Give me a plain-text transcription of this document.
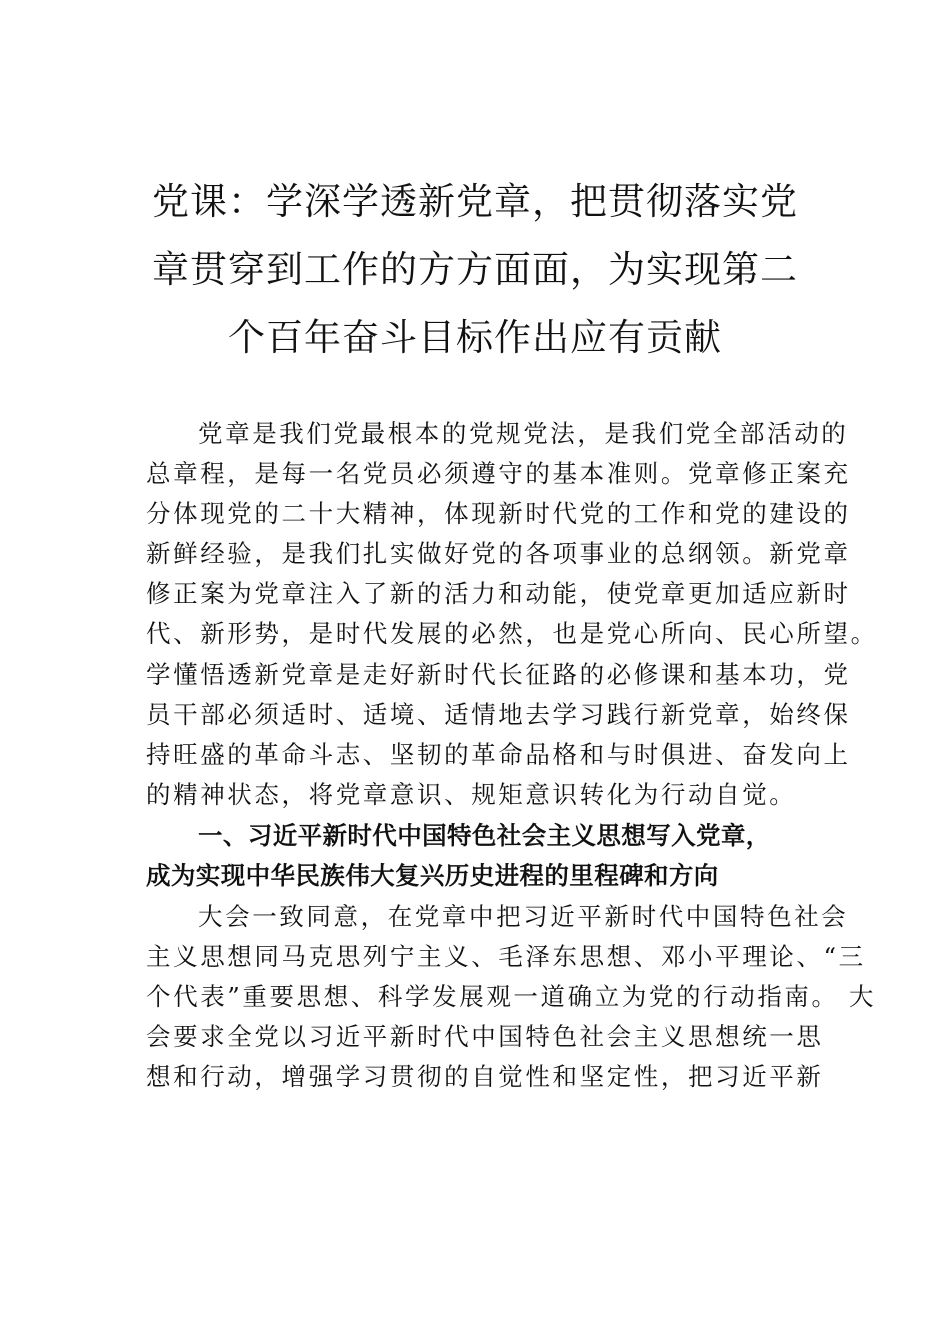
党课：学深学透新党章，把贯彻落实党
章贯穿到工作的方方面面，为实现第二
个百年奋斗目标作出应有贡献
党章是我们党最根本的党规党法，是我们党全部活动的
总章程，是每一名党员必须遵守的基本准则。党章修正案充
分体现党的二十大精神，体现新时代党的工作和党的建设的
新鲜经验，是我们扎实做好党的各项事业的总纲领。新党章
修正案为党章注入了新的活力和动能，使党章更加适应新时
代、新形势，是时代发展的必然，也是党心所向、民心所望。
学懂悟透新党章是走好新时代长征路的必修课和基本功，党
员干部必须适时、适境、适情地去学习践行新党章，始终保
持旺盛的革命斗志、坚韧的革命品格和与时俱进、奋发向上
的精神状态，将党章意识、规矩意识转化为行动自觉。
一、习近平新时代中国特色社会主义思想写入党章，
成为实现中华民族伟大复兴历史进程的里程碑和方向
大会一致同意，在党章中把习近平新时代中国特色社会
主义思想同马克思列宁主义、毛泽东思想、邓小平理论、“三
个代表”重要思想、科学发展观一道确立为党的行动指南。 大
会要求全党以习近平新时代中国特色社会主义思想统一思
想和行动，增强学习贯彻的自觉性和坚定性，把习近平新
